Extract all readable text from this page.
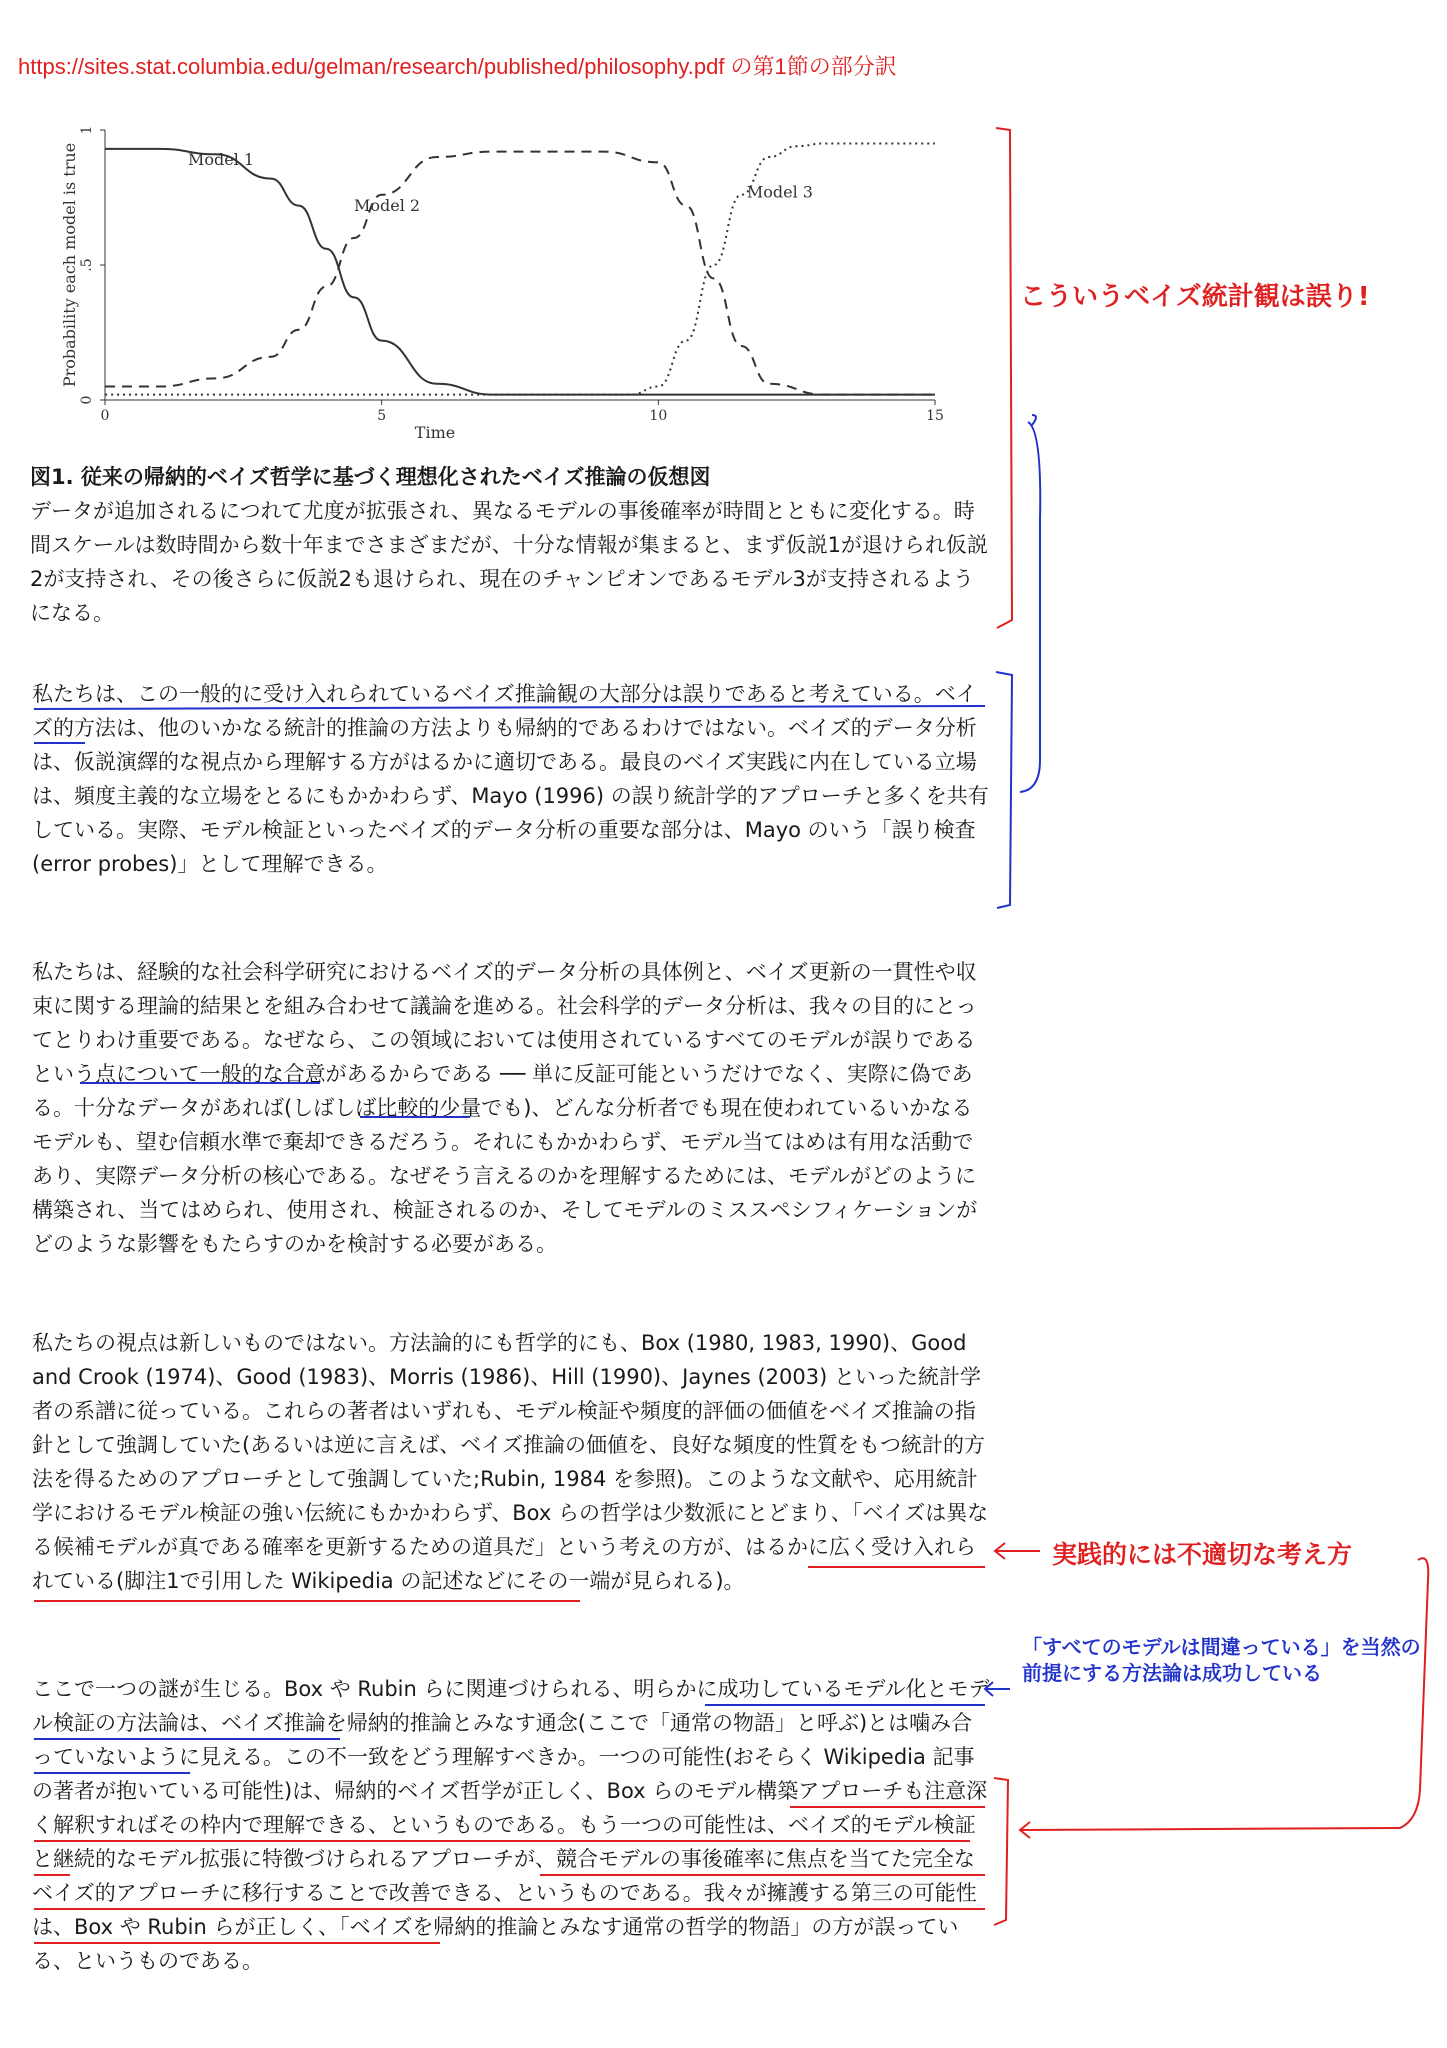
https://sites.stat.columbia.edu/gelman/research/published/philosophy.pdf の第1節の部分訳
0	5	10	15
0
.5
1
Time
Probability each model is true	Model 1
Model 2
Model 3
図1. 従来の帰納的ベイズ哲学に基づく理想化されたベイズ推論の仮想図
データが追加されるにつれて尤度が拡張され、異なるモデルの事後確率が時間とともに変化する。時間スケールは数時間から数十年までさまざまだが、十分な情報が集まると、まず仮説1が退けられ仮説2が支持され、その後さらに仮説2も退けられ、現在のチャンピオンであるモデル3が支持されるようになる。

私たちは、この一般的に受け入れられているベイズ推論観の大部分は誤りであると考えている。ベイズ的方法は、他のいかなる統計的推論の方法よりも帰納的であるわけではない。ベイズ的データ分析は、仮説演繹的な視点から理解する方がはるかに適切である。最良のベイズ実践に内在している立場は、頻度主義的な立場をとるにもかかわらず、Mayo (1996) の誤り統計学的アプローチと多くを共有している。実際、モデル検証といったベイズ的データ分析の重要な部分は、Mayo のいう「誤り検査(error probes)」として理解できる。

私たちは、経験的な社会科学研究におけるベイズ的データ分析の具体例と、ベイズ更新の一貫性や収束に関する理論的結果とを組み合わせて議論を進める。社会科学的データ分析は、我々の目的にとってとりわけ重要である。なぜなら、この領域においては使用されているすべてのモデルが誤りであるという点について一般的な合意があるからである ── 単に反証可能というだけでなく、実際に偽である。十分なデータがあれば(しばしば比較的少量でも)、どんな分析者でも現在使われているいかなるモデルも、望む信頼水準で棄却できるだろう。それにもかかわらず、モデル当てはめは有用な活動であり、実際データ分析の核心である。なぜそう言えるのかを理解するためには、モデルがどのように構築され、当てはめられ、使用され、検証されるのか、そしてモデルのミススペシフィケーションがどのような影響をもたらすのかを検討する必要がある。

私たちの視点は新しいものではない。方法論的にも哲学的にも、Box (1980, 1983, 1990)、Good and Crook (1974)、Good (1983)、Morris (1986)、Hill (1990)、Jaynes (2003) といった統計学者の系譜に従っている。これらの著者はいずれも、モデル検証や頻度的評価の価値をベイズ推論の指針として強調していた(あるいは逆に言えば、ベイズ推論の価値を、良好な頻度的性質をもつ統計的方法を得るためのアプローチとして強調していた;Rubin, 1984 を参照)。このような文献や、応用統計学におけるモデル検証の強い伝統にもかかわらず、Box らの哲学は少数派にとどまり、「ベイズは異なる候補モデルが真である確率を更新するための道具だ」という考えの方が、はるかに広く受け入れられている(脚注1で引用した Wikipedia の記述などにその一端が見られる)。

ここで一つの謎が生じる。Box や Rubin らに関連づけられる、明らかに成功しているモデル化とモデル検証の方法論は、ベイズ推論を帰納的推論とみなす通念(ここで「通常の物語」と呼ぶ)とは噛み合っていないように見える。この不一致をどう理解すべきか。一つの可能性(おそらく Wikipedia 記事の著者が抱いている可能性)は、帰納的ベイズ哲学が正しく、Box らのモデル構築アプローチも注意深く解釈すればその枠内で理解できる、というものである。もう一つの可能性は、ベイズ的モデル検証と継続的なモデル拡張に特徴づけられるアプローチが、競合モデルの事後確率に焦点を当てた完全なベイズ的アプローチに移行することで改善できる、というものである。我々が擁護する第三の可能性は、Box や Rubin らが正しく、「ベイズを帰納的推論とみなす通常の哲学的物語」の方が誤っている、というものである。

こういうベイズ統計観は誤り!
実践的には不適切な考え方
「すべてのモデルは間違っている」を当然の前提にする方法論は成功している
